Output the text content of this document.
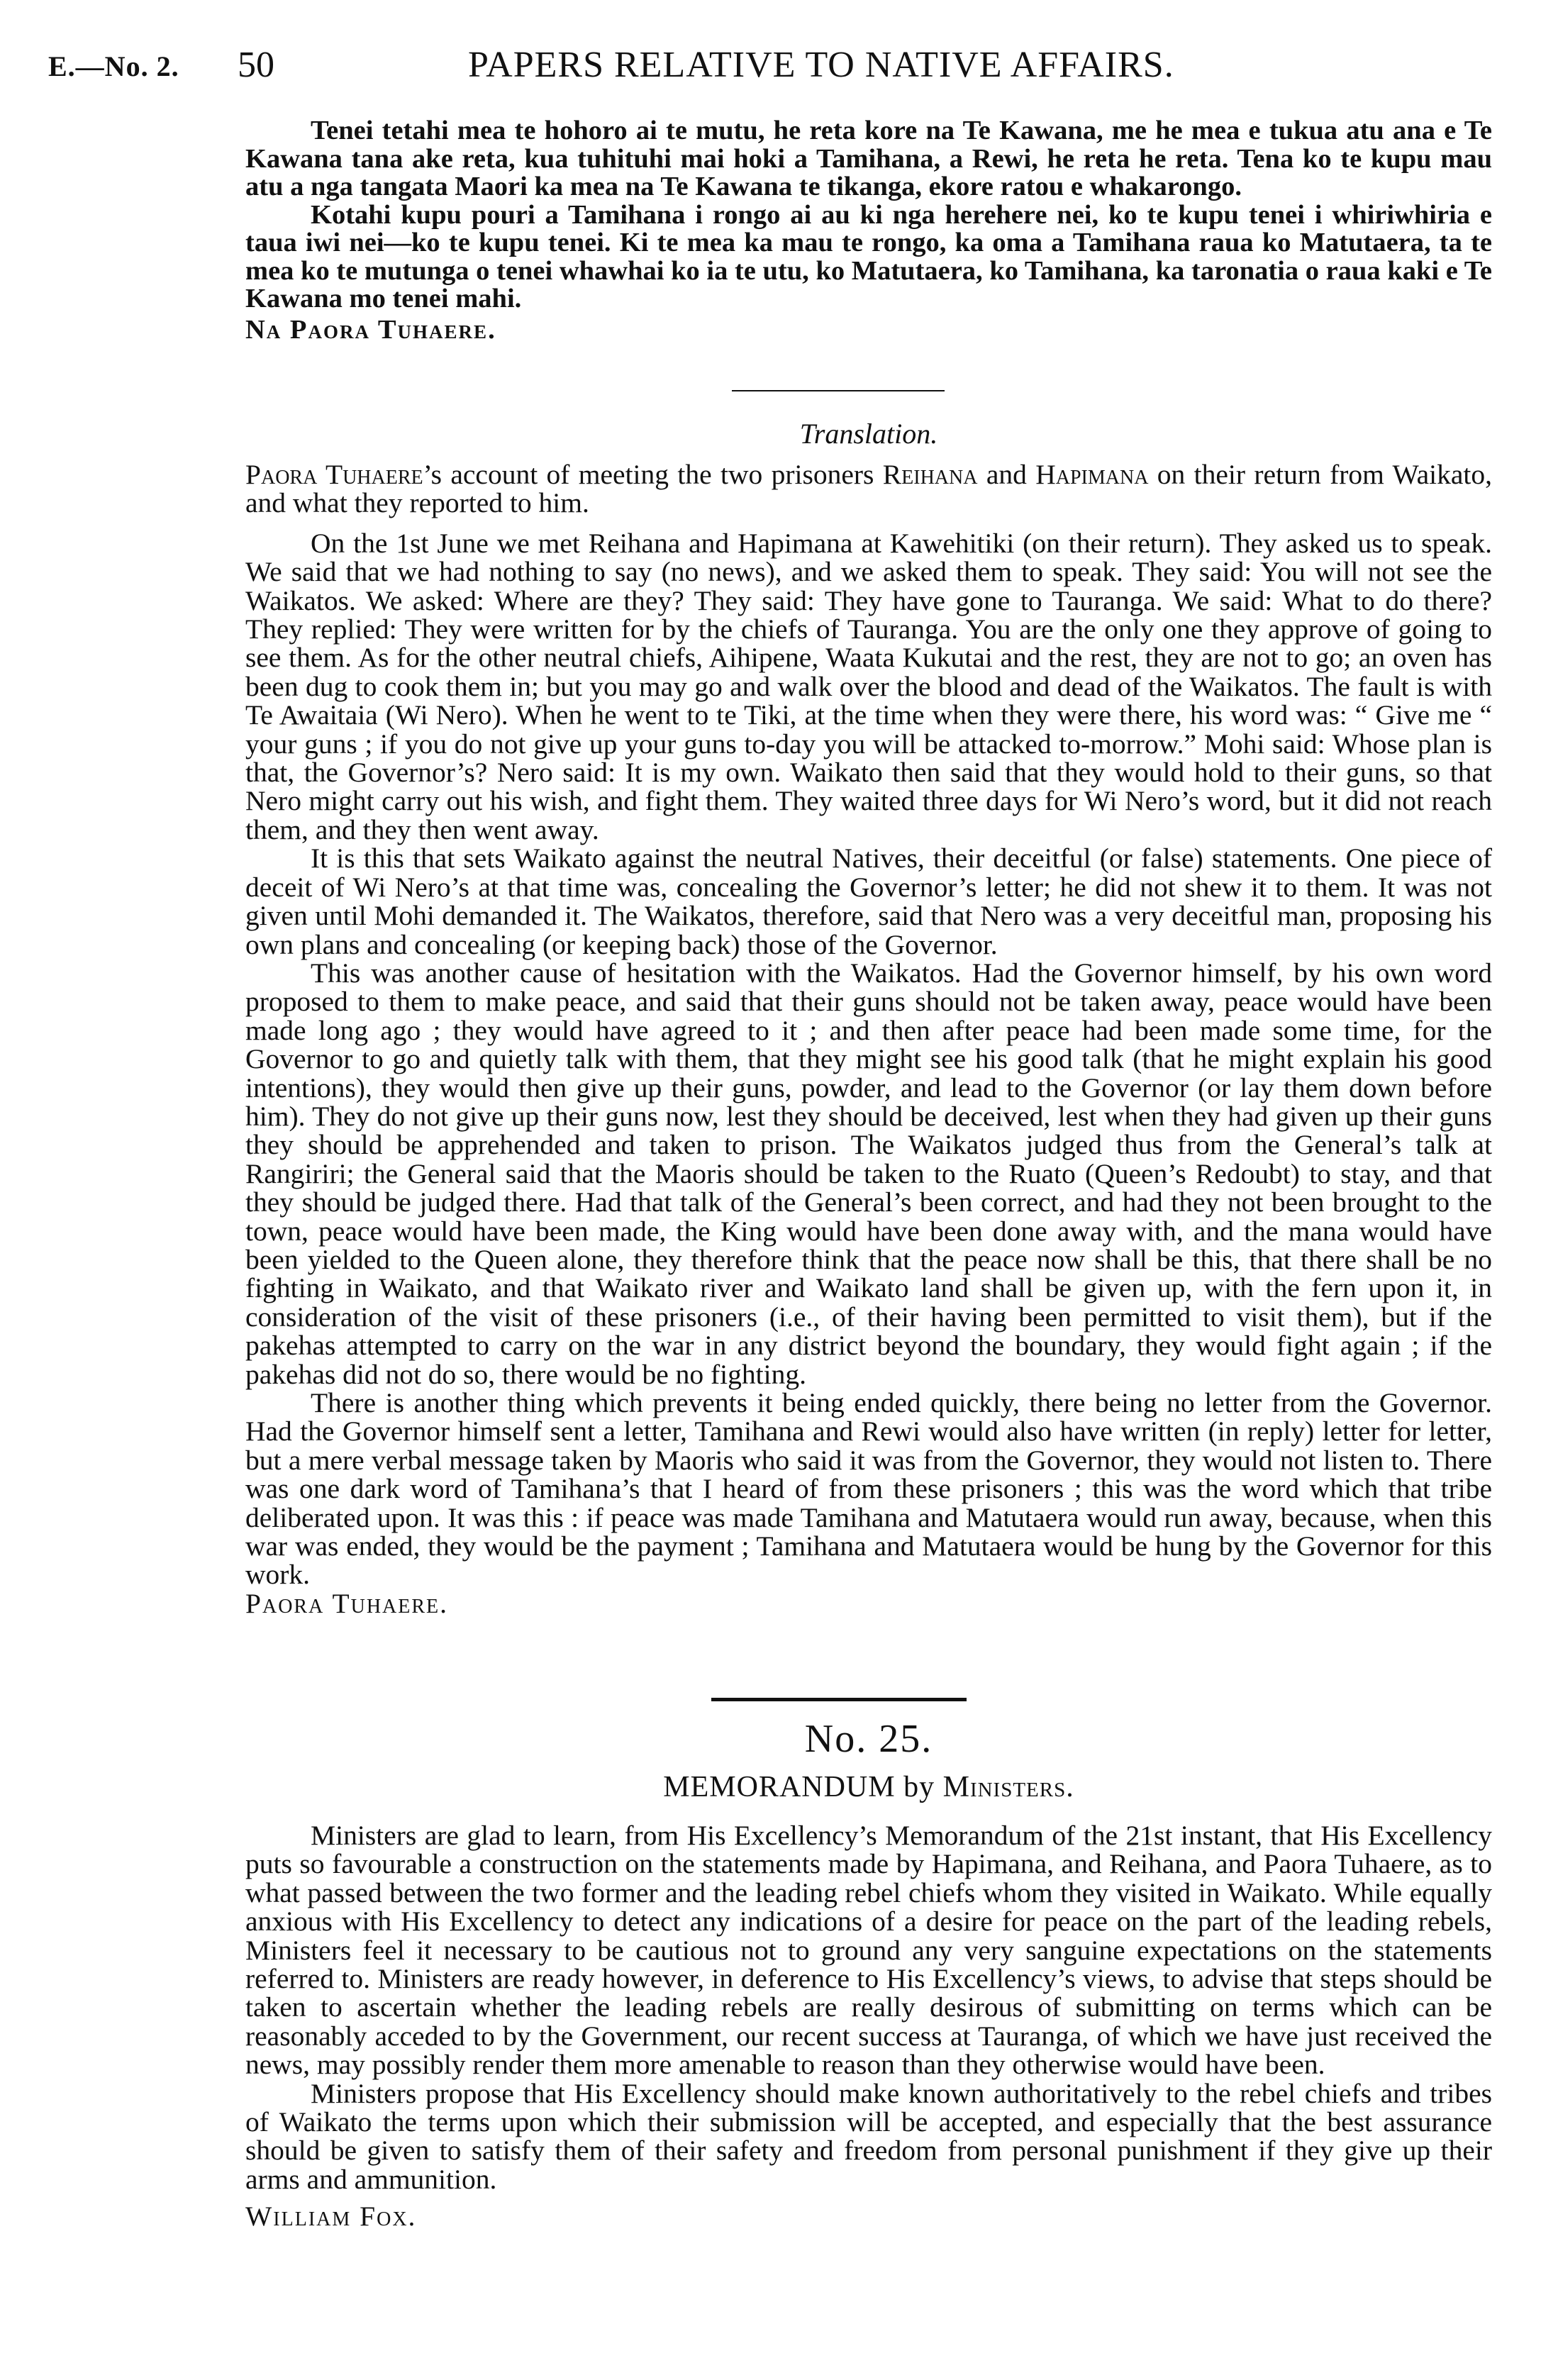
E.—No. 2. 50	PAPERS RELATIVE TO NATIVE AFFAIRS.

Tenei tetahi mea te hohoro ai te mutu, he reta kore na Te Kawana, me he mea e tukua atu ana e Te Kawana tana ake reta, kua tuhituhi mai hoki a Tamihana, a Rewi, he reta he reta. Tena ko te kupu mau atu a nga tangata Maori ka mea na Te Kawana te tikanga, ekore ratou e whakarongo.

Kotahi kupu pouri a Tamihana i rongo ai au ki nga herehere nei, ko te kupu tenei i whiriwhiria e taua iwi nei—ko te kupu tenei. Ki te mea ka mau te rongo, ka oma a Tamihana raua ko Matutaera, ta te mea ko te mutunga o tenei whawhai ko ia te utu, ko Matutaera, ko Tamihana, ka taronatia o raua kaki e Te Kawana mo tenei mahi.

Na Paora Tuhaere.

Translation.

Paora Tuhaere’s account of meeting the two prisoners Reihana and Hapimana on their return from Waikato, and what they reported to him.

On the 1st June we met Reihana and Hapimana at Kawehitiki (on their return). They asked us to speak. We said that we had nothing to say (no news), and we asked them to speak. They said: You will not see the Waikatos. We asked: Where are they? They said: They have gone to Tauranga. We said: What to do there? They replied: They were written for by the chiefs of Tauranga. You are the only one they approve of going to see them. As for the other neutral chiefs, Aihipene, Waata Kukutai and the rest, they are not to go; an oven has been dug to cook them in; but you may go and walk over the blood and dead of the Waikatos. The fault is with Te Awaitaia (Wi Nero). When he went to te Tiki, at the time when they were there, his word was: “ Give me “ your guns ; if you do not give up your guns to-day you will be attacked to-morrow.” Mohi said: Whose plan is that, the Governor’s? Nero said: It is my own. Waikato then said that they would hold to their guns, so that Nero might carry out his wish, and fight them. They waited three days for Wi Nero’s word, but it did not reach them, and they then went away.

It is this that sets Waikato against the neutral Natives, their deceitful (or false) statements. One piece of deceit of Wi Nero’s at that time was, concealing the Governor’s letter; he did not shew it to them. It was not given until Mohi demanded it. The Waikatos, therefore, said that Nero was a very deceitful man, proposing his own plans and concealing (or keeping back) those of the Governor.

This was another cause of hesitation with the Waikatos. Had the Governor himself, by his own word proposed to them to make peace, and said that their guns should not be taken away, peace would have been made long ago ; they would have agreed to it ; and then after peace had been made some time, for the Governor to go and quietly talk with them, that they might see his good talk (that he might explain his good intentions), they would then give up their guns, powder, and lead to the Governor (or lay them down before him). They do not give up their guns now, lest they should be deceived, lest when they had given up their guns they should be apprehended and taken to prison. The Waikatos judged thus from the General’s talk at Rangiriri; the General said that the Maoris should be taken to the Ruato (Queen’s Redoubt) to stay, and that they should be judged there. Had that talk of the General’s been correct, and had they not been brought to the town, peace would have been made, the King would have been done away with, and the mana would have been yielded to the Queen alone, they therefore think that the peace now shall be this, that there shall be no fighting in Waikato, and that Waikato river and Waikato land shall be given up, with the fern upon it, in consideration of the visit of these prisoners (i.e., of their having been permitted to visit them), but if the pakehas attempted to carry on the war in any district beyond the boundary, they would fight again ; if the pakehas did not do so, there would be no fighting.

There is another thing which prevents it being ended quickly, there being no letter from the Governor. Had the Governor himself sent a letter, Tamihana and Rewi would also have written (in reply) letter for letter, but a mere verbal message taken by Maoris who said it was from the Governor, they would not listen to. There was one dark word of Tamihana’s that I heard of from these prisoners ; this was the word which that tribe deliberated upon. It was this : if peace was made Tamihana and Matutaera would run away, because, when this war was ended, they would be the payment ; Tamihana and Matutaera would be hung by the Governor for this work.

Paora Tuhaere.

No. 25.

MEMORANDUM by Ministers.

Ministers are glad to learn, from His Excellency’s Memorandum of the 21st instant, that His Excellency puts so favourable a construction on the statements made by Hapimana, and Reihana, and Paora Tuhaere, as to what passed between the two former and the leading rebel chiefs whom they visited in Waikato. While equally anxious with His Excellency to detect any indications of a desire for peace on the part of the leading rebels, Ministers feel it necessary to be cautious not to ground any very sanguine expectations on the statements referred to. Ministers are ready however, in deference to His Excellency’s views, to advise that steps should be taken to ascertain whether the leading rebels are really desirous of submitting on terms which can be reasonably acceded to by the Government, our recent success at Tauranga, of which we have just received the news, may possibly render them more amenable to reason than they otherwise would have been.

Ministers propose that His Excellency should make known authoritatively to the rebel chiefs and tribes of Waikato the terms upon which their submission will be accepted, and especially that the best assurance should be given to satisfy them of their safety and freedom from personal punishment if they give up their arms and ammunition.

William Fox.
